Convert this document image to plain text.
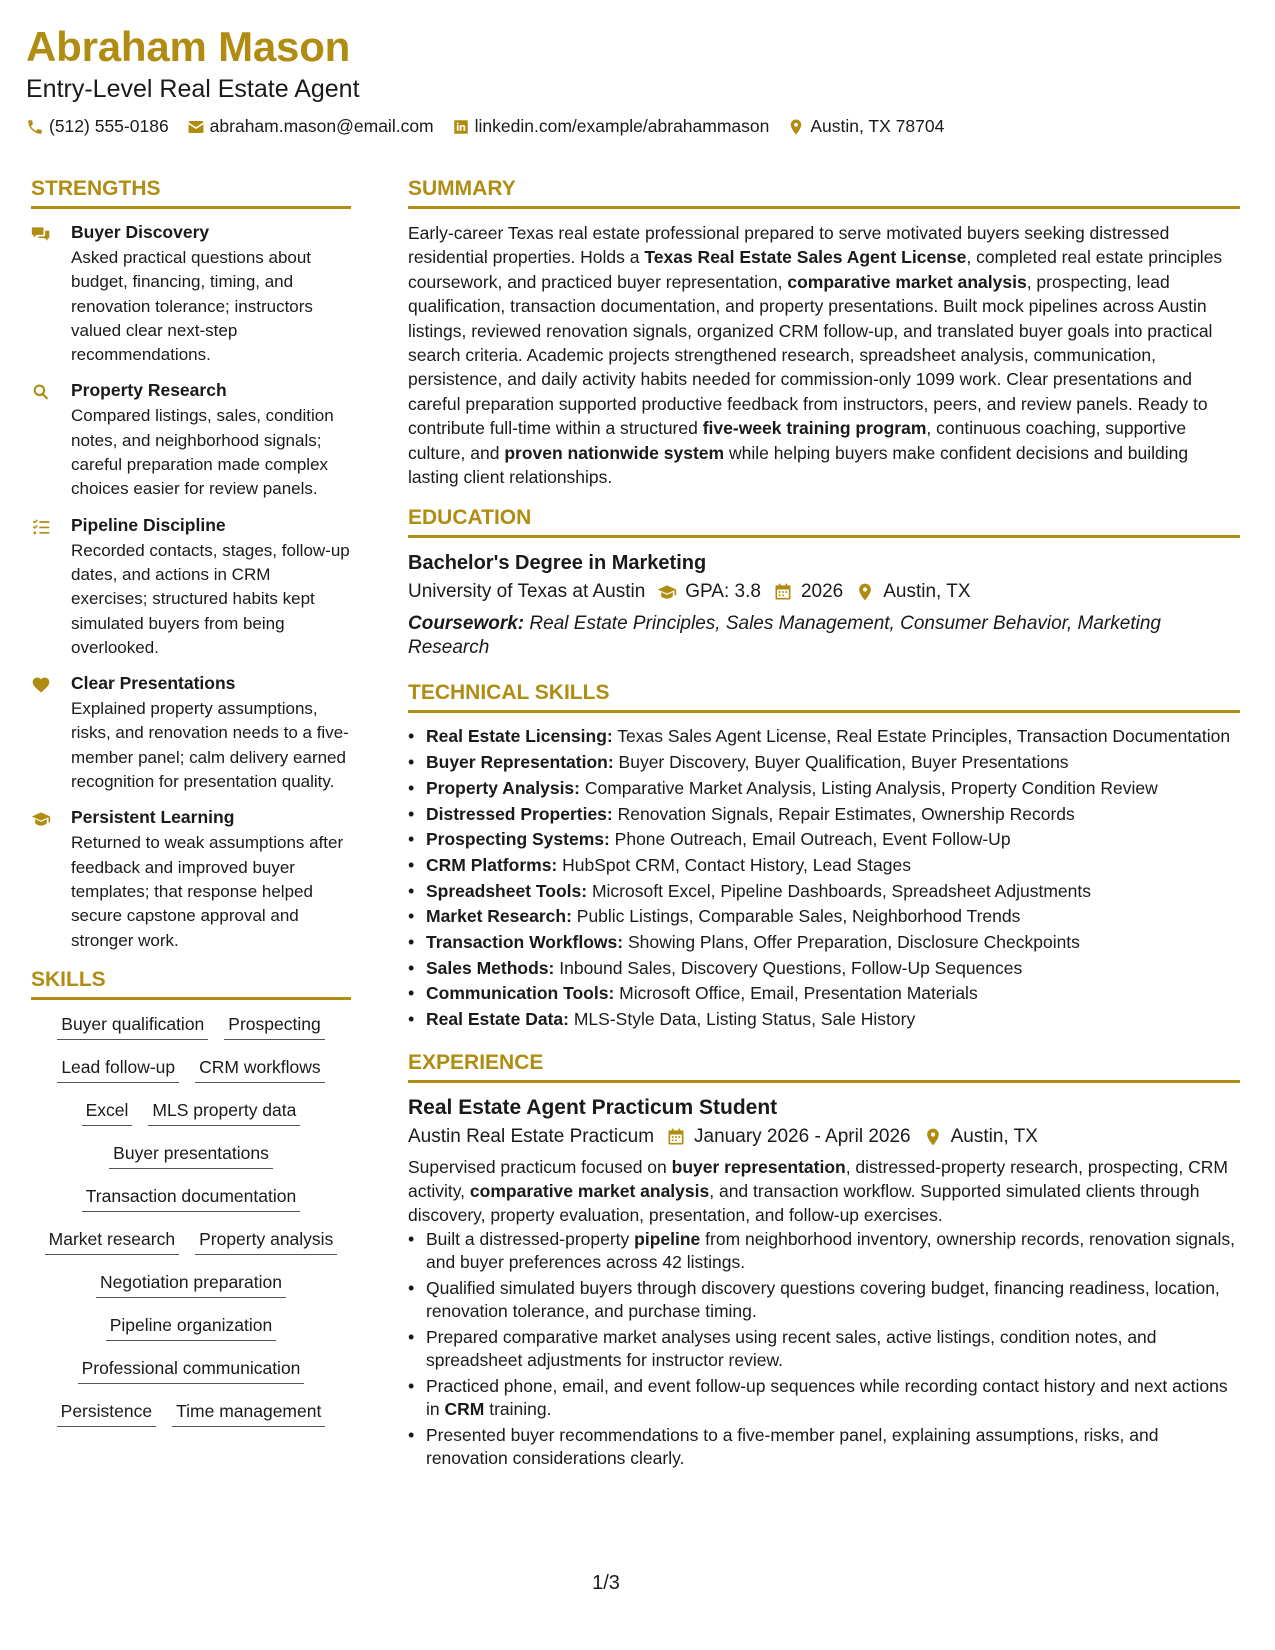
Abraham Mason
Entry-Level Real Estate Agent
(512) 555-0186 abraham.mason@email.com linkedin.com/example/abrahammason Austin, TX 78704
STRENGTHS
Buyer Discovery
Asked practical questions about budget, financing, timing, and renovation tolerance; instructors valued clear next-step recommendations.
Property Research
Compared listings, sales, condition notes, and neighborhood signals; careful preparation made complex choices easier for review panels.
Pipeline Discipline
Recorded contacts, stages, follow-up dates, and actions in CRM exercises; structured habits kept simulated buyers from being overlooked.
Clear Presentations
Explained property assumptions, risks, and renovation needs to a five-member panel; calm delivery earned recognition for presentation quality.
Persistent Learning
Returned to weak assumptions after feedback and improved buyer templates; that response helped secure capstone approval and stronger work.
SKILLS
Buyer qualification Prospecting
Lead follow-up CRM workflows
Excel MLS property data
Buyer presentations
Transaction documentation
Market research Property analysis
Negotiation preparation
Pipeline organization
Professional communication
Persistence Time management
SUMMARY

Early-career Texas real estate professional prepared to serve motivated buyers seeking distressed residential properties. Holds a Texas Real Estate Sales Agent License, completed real estate principles coursework, and practiced buyer representation, comparative market analysis, prospecting, lead qualification, transaction documentation, and property presentations. Built mock pipelines across Austin listings, reviewed renovation signals, organized CRM follow-up, and translated buyer goals into practical search criteria. Academic projects strengthened research, spreadsheet analysis, communication, persistence, and daily activity habits needed for commission-only 1099 work. Clear presentations and careful preparation supported productive feedback from instructors, peers, and review panels. Ready to contribute full-time within a structured five-week training program, continuous coaching, supportive culture, and proven nationwide system while helping buyers make confident decisions and building lasting client relationships.

EDUCATION
Bachelor's Degree in Marketing
University of Texas at Austin GPA: 3.8 2026 Austin, TX
Coursework: Real Estate Principles, Sales Management, Consumer Behavior, Marketing Research
TECHNICAL SKILLS
• Real Estate Licensing: Texas Sales Agent License, Real Estate Principles, Transaction Documentation
• Buyer Representation: Buyer Discovery, Buyer Qualification, Buyer Presentations
• Property Analysis: Comparative Market Analysis, Listing Analysis, Property Condition Review
• Distressed Properties: Renovation Signals, Repair Estimates, Ownership Records
• Prospecting Systems: Phone Outreach, Email Outreach, Event Follow-Up
• CRM Platforms: HubSpot CRM, Contact History, Lead Stages
• Spreadsheet Tools: Microsoft Excel, Pipeline Dashboards, Spreadsheet Adjustments
• Market Research: Public Listings, Comparable Sales, Neighborhood Trends
• Transaction Workflows: Showing Plans, Offer Preparation, Disclosure Checkpoints
• Sales Methods: Inbound Sales, Discovery Questions, Follow-Up Sequences
• Communication Tools: Microsoft Office, Email, Presentation Materials
• Real Estate Data: MLS-Style Data, Listing Status, Sale History
EXPERIENCE
Real Estate Agent Practicum Student
Austin Real Estate Practicum January 2026 - April 2026 Austin, TX

Supervised practicum focused on buyer representation, distressed-property research, prospecting, CRM activity, comparative market analysis, and transaction workflow. Supported simulated clients through discovery, property evaluation, presentation, and follow-up exercises.

• Built a distressed-property pipeline from neighborhood inventory, ownership records, renovation signals, and buyer preferences across 42 listings.
• Qualified simulated buyers through discovery questions covering budget, financing readiness, location, renovation tolerance, and purchase timing.
• Prepared comparative market analyses using recent sales, active listings, condition notes, and spreadsheet adjustments for instructor review.
• Practiced phone, email, and event follow-up sequences while recording contact history and next actions in CRM training.
• Presented buyer recommendations to a five-member panel, explaining assumptions, risks, and renovation considerations clearly.
1/3
